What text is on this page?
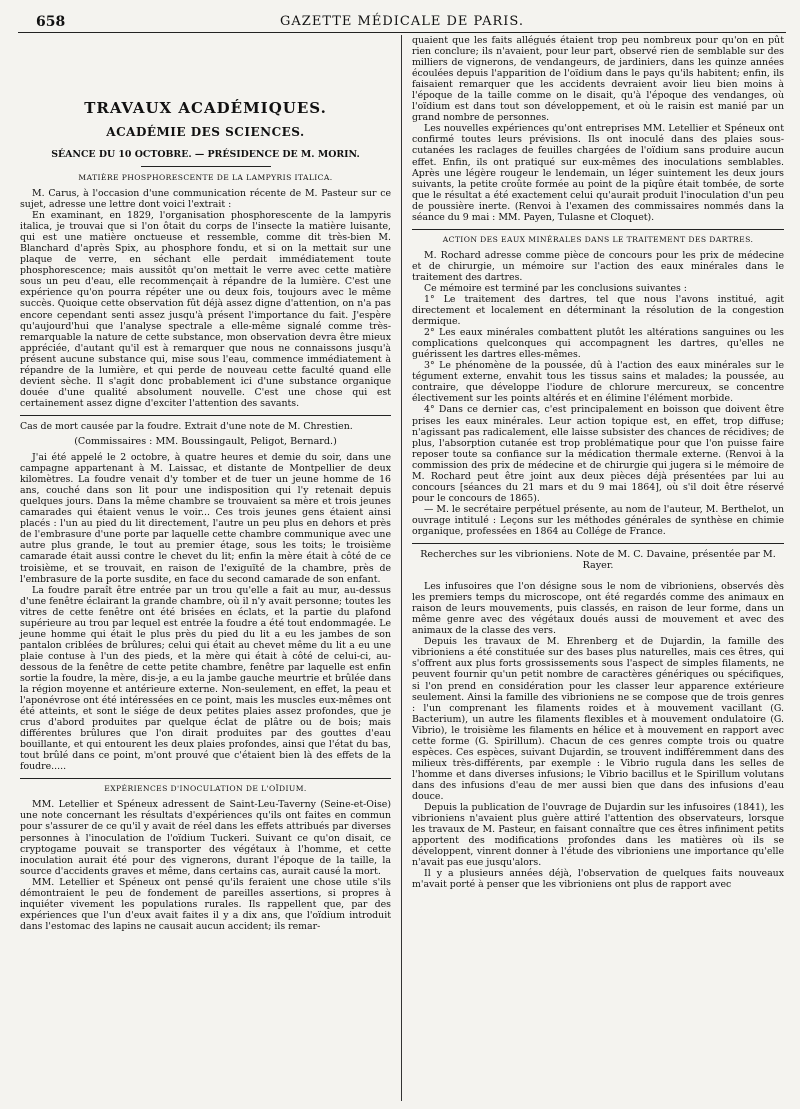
658	GAZETTE MÉDICALE DE PARIS.
TRAVAUX ACADÉMIQUES.
ACADÉMIE DES SCIENCES.
SÉANCE DU 10 OCTOBRE. — PRÉSIDENCE DE M. MORIN.
MATIÈRE PHOSPHORESCENTE DE LA LAMPYRIS ITALICA.

M. Carus, à l'occasion d'une communication récente de M. Pasteur sur ce sujet, adresse une lettre dont voici l'extrait :

En examinant, en 1829, l'organisation phosphorescente de la lampyris italica, je trouvai que si l'on ôtait du corps de l'insecte la matière luisante, qui est une matière onctueuse et ressemble, comme dit très-bien M. Blanchard d'après Spix, au phosphore fondu, et si on la mettait sur une plaque de verre, en séchant elle perdait immédiatement toute phosphorescence; mais aussitôt qu'on mettait le verre avec cette matière sous un peu d'eau, elle recommençait à répandre de la lumière. C'est une expérience qu'on pourra répéter une ou deux fois, toujours avec le même succès. Quoique cette observation fût déjà assez digne d'attention, on n'a pas encore cependant senti assez jusqu'à présent l'importance du fait. J'espère qu'aujourd'hui que l'analyse spectrale a elle-même signalé comme très-remarquable la nature de cette substance, mon observation devra être mieux appréciée, d'autant qu'il est à remarquer que nous ne connaissons jusqu'à présent aucune substance qui, mise sous l'eau, commence immédiatement à répandre de la lumière, et qui perde de nouveau cette faculté quand elle devient sèche. Il s'agit donc probablement ici d'une substance organique douée d'une qualité absolument nouvelle. C'est une chose qui est certainement assez digne d'exciter l'attention des savants.

Cas de mort causée par la foudre. Extrait d'une note de M. Chrestien.

(Commissaires : MM. Boussingault, Peligot, Bernard.)

J'ai été appelé le 2 octobre, à quatre heures et demie du soir, dans une campagne appartenant à M. Laissac, et distante de Montpellier de deux kilomètres. La foudre venait d'y tomber et de tuer un jeune homme de 16 ans, couché dans son lit pour une indisposition qui l'y retenait depuis quelques jours. Dans la même chambre se trouvaient sa mère et trois jeunes camarades qui étaient venus le voir... Ces trois jeunes gens étaient ainsi placés : l'un au pied du lit directement, l'autre un peu plus en dehors et près de l'embrasure d'une porte par laquelle cette chambre communique avec une autre plus grande, le tout au premier étage, sous les toits; le troisième camarade était aussi contre le chevet du lit; enfin la mère était à côté de ce troisième, et se trouvait, en raison de l'exiguïté de la chambre, près de l'embrasure de la porte susdite, en face du second camarade de son enfant.

La foudre paraît être entrée par un trou qu'elle a fait au mur, au-dessus d'une fenêtre éclairant la grande chambre, où il n'y avait personne; toutes les vitres de cette fenêtre ont été brisées en éclats, et la partie du plafond supérieure au trou par lequel est entrée la foudre a été tout endommagée. Le jeune homme qui était le plus près du pied du lit a eu les jambes de son pantalon criblées de brûlures; celui qui était au chevet même du lit a eu une plaie contuse à l'un des pieds, et la mère qui était à côté de celui-ci, au-dessous de la fenêtre de cette petite chambre, fenêtre par laquelle est enfin sortie la foudre, la mère, dis-je, a eu la jambe gauche meurtrie et brûlée dans la région moyenne et antérieure externe. Non-seulement, en effet, la peau et l'aponévrose ont été intéressées en ce point, mais les muscles eux-mêmes ont été atteints, et sont le siége de deux petites plaies assez profondes, que je crus d'abord produites par quelque éclat de plâtre ou de bois; mais différentes brûlures que l'on dirait produites par des gouttes d'eau bouillante, et qui entourent les deux plaies profondes, ainsi que l'état du bas, tout brûlé dans ce point, m'ont prouvé que c'étaient bien là des effets de la foudre.....

EXPÉRIENCES D'INOCULATION DE L'OÏDIUM.

MM. Letellier et Spéneux adressent de Saint-Leu-Taverny (Seine-et-Oise) une note concernant les résultats d'expériences qu'ils ont faites en commun pour s'assurer de ce qu'il y avait de réel dans les effets attribués par diverses personnes à l'inoculation de l'oïdium Tuckeri. Suivant ce qu'on disait, ce cryptogame pouvait se transporter des végétaux à l'homme, et cette inoculation aurait été pour des vignerons, durant l'époque de la taille, la source d'accidents graves et même, dans certains cas, aurait causé la mort.

MM. Letellier et Spéneux ont pensé qu'ils feraient une chose utile s'ils démontraient le peu de fondement de pareilles assertions, si propres à inquiéter vivement les populations rurales. Ils rappellent que, par des expériences que l'un d'eux avait faites il y a dix ans, que l'oïdium introduit dans l'estomac des lapins ne causait aucun accident; ils remar-

quaient que les faits allégués étaient trop peu nombreux pour qu'on en pût rien conclure; ils n'avaient, pour leur part, observé rien de semblable sur des milliers de vignerons, de vendangeurs, de jardiniers, dans les quinze années écoulées depuis l'apparition de l'oïdium dans le pays qu'ils habitent; enfin, ils faisaient remarquer que les accidents devraient avoir lieu bien moins à l'époque de la taille comme on le disait, qu'à l'époque des vendanges, où l'oïdium est dans tout son développement, et où le raisin est manié par un grand nombre de personnes.

Les nouvelles expériences qu'ont entreprises MM. Letellier et Spéneux ont confirmé toutes leurs prévisions. Ils ont inoculé dans des plaies sous-cutanées les raclages de feuilles chargées de l'oïdium sans produire aucun effet. Enfin, ils ont pratiqué sur eux-mêmes des inoculations semblables. Après une légère rougeur le lendemain, un léger suintement les deux jours suivants, la petite croûte formée au point de la piqûre était tombée, de sorte que le résultat a été exactement celui qu'aurait produit l'inoculation d'un peu de poussière inerte. (Renvoi à l'examen des commissaires nommés dans la séance du 9 mai : MM. Payen, Tulasne et Cloquet).

ACTION DES EAUX MINÉRALES DANS LE TRAITEMENT DES DARTRES.

M. Rochard adresse comme pièce de concours pour les prix de médecine et de chirurgie, un mémoire sur l'action des eaux minérales dans le traitement des dartres.

Ce mémoire est terminé par les conclusions suivantes :

1° Le traitement des dartres, tel que nous l'avons institué, agit directement et localement en déterminant la résolution de la congestion dermique.

2° Les eaux minérales combattent plutôt les altérations sanguines ou les complications quelconques qui accompagnent les dartres, qu'elles ne guérissent les dartres elles-mêmes.

3° Le phénomène de la poussée, dû à l'action des eaux minérales sur le tégument externe, envahit tous les tissus sains et malades; la poussée, au contraire, que développe l'iodure de chlorure mercureux, se concentre électivement sur les points altérés et en élimine l'élément morbide.

4° Dans ce dernier cas, c'est principalement en boisson que doivent être prises les eaux minérales. Leur action topique est, en effet, trop diffuse; n'agissant pas radicalement, elle laisse subsister des chances de récidives; de plus, l'absorption cutanée est trop problématique pour que l'on puisse faire reposer toute sa confiance sur la médication thermale externe. (Renvoi à la commission des prix de médecine et de chirurgie qui jugera si le mémoire de M. Rochard peut être joint aux deux pièces déjà présentées par lui au concours [séances du 21 mars et du 9 mai 1864], où s'il doit être réservé pour le concours de 1865).

— M. le secrétaire perpétuel présente, au nom de l'auteur, M. Berthelot, un ouvrage intitulé : Leçons sur les méthodes générales de synthèse en chimie organique, professées en 1864 au Collége de France.

Recherches sur les vibrioniens. Note de M. C. Davaine, présentée par M. Rayer.

Les infusoires que l'on désigne sous le nom de vibrioniens, observés dès les premiers temps du microscope, ont été regardés comme des animaux en raison de leurs mouvements, puis classés, en raison de leur forme, dans un même genre avec des végétaux doués aussi de mouvement et avec des animaux de la classe des vers.

Depuis les travaux de M. Ehrenberg et de Dujardin, la famille des vibrioniens a été constituée sur des bases plus naturelles, mais ces êtres, qui s'offrent aux plus forts grossissements sous l'aspect de simples filaments, ne peuvent fournir qu'un petit nombre de caractères génériques ou spécifiques, si l'on prend en considération pour les classer leur apparence extérieure seulement. Ainsi la famille des vibrioniens ne se compose que de trois genres : l'un comprenant les filaments roides et à mouvement vacillant (G. Bacterium), un autre les filaments flexibles et à mouvement ondulatoire (G. Vibrio), le troisième les filaments en hélice et à mouvement en rapport avec cette forme (G. Spirillum). Chacun de ces genres compte trois ou quatre espèces. Ces espèces, suivant Dujardin, se trouvent indifféremment dans des milieux très-différents, par exemple : le Vibrio rugula dans les selles de l'homme et dans diverses infusions; le Vibrio bacillus et le Spirillum volutans dans des infusions d'eau de mer aussi bien que dans des infusions d'eau douce.

Depuis la publication de l'ouvrage de Dujardin sur les infusoires (1841), les vibrioniens n'avaient plus guère attiré l'attention des observateurs, lorsque les travaux de M. Pasteur, en faisant connaître que ces êtres infiniment petits apportent des modifications profondes dans les matières où ils se développent, vinrent donner à l'étude des vibrioniens une importance qu'elle n'avait pas eue jusqu'alors.

Il y a plusieurs années déjà, l'observation de quelques faits nouveaux m'avait porté à penser que les vibrioniens ont plus de rapport avec
